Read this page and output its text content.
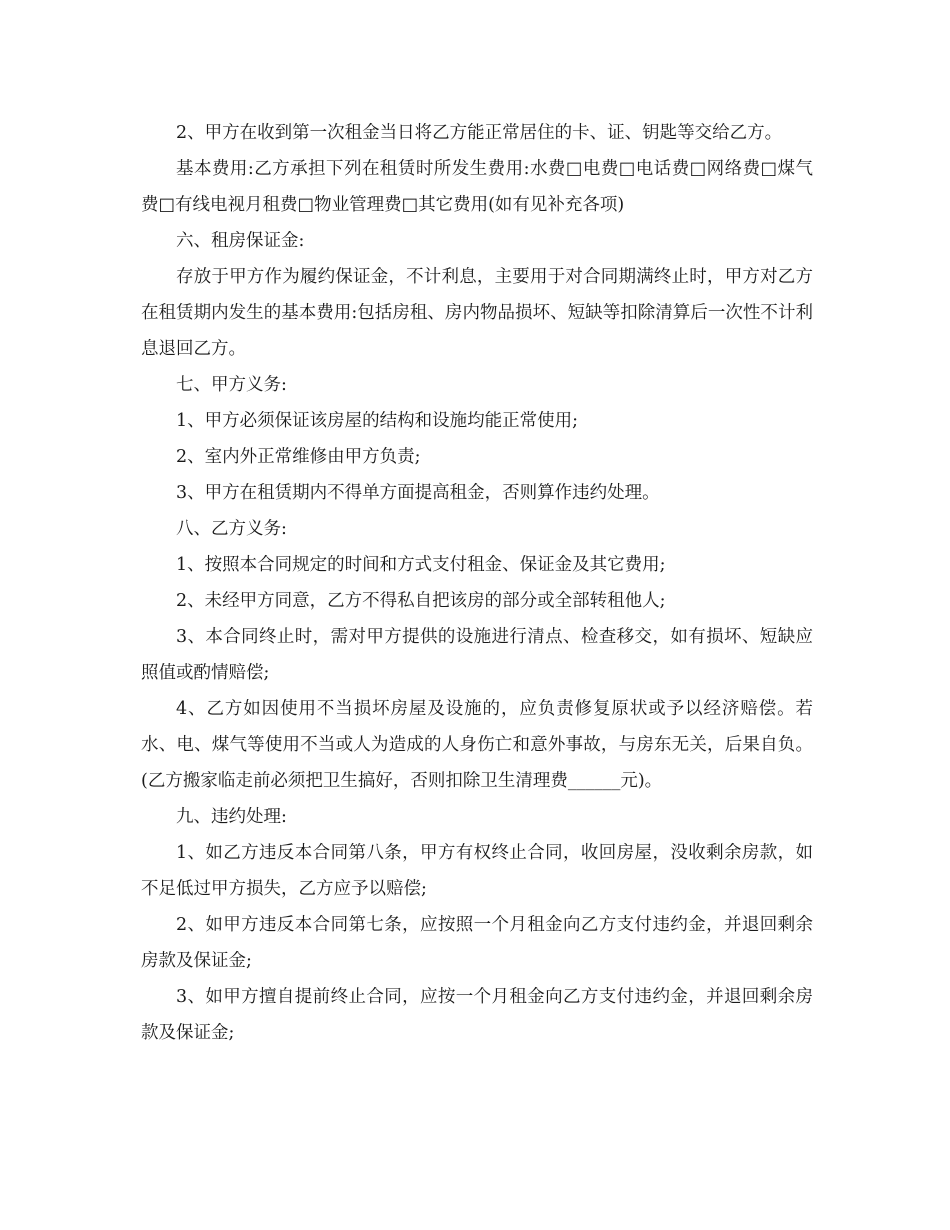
2、甲方在收到第一次租金当日将乙方能正常居住的卡、证、钥匙等交给乙方。

基本费用:乙方承担下列在租赁时所发生费用:水费□电费□电话费□网络费□煤气费□有线电视月租费□物业管理费□其它费用(如有见补充各项)

六、租房保证金:

存放于甲方作为履约保证金，不计利息，主要用于对合同期满终止时，甲方对乙方在租赁期内发生的基本费用:包括房租、房内物品损坏、短缺等扣除清算后一次性不计利息退回乙方。

七、甲方义务:

1、甲方必须保证该房屋的结构和设施均能正常使用;

2、室内外正常维修由甲方负责;

3、甲方在租赁期内不得单方面提高租金，否则算作违约处理。

八、乙方义务:

1、按照本合同规定的时间和方式支付租金、保证金及其它费用;

2、未经甲方同意，乙方不得私自把该房的部分或全部转租他人;

3、本合同终止时，需对甲方提供的设施进行清点、检查移交，如有损坏、短缺应照值或酌情赔偿;

4、乙方如因使用不当损坏房屋及设施的，应负责修复原状或予以经济赔偿。若水、电、煤气等使用不当或人为造成的人身伤亡和意外事故，与房东无关，后果自负。(乙方搬家临走前必须把卫生搞好，否则扣除卫生清理费______元)。

九、违约处理:

1、如乙方违反本合同第八条，甲方有权终止合同，收回房屋，没收剩余房款，如不足低过甲方损失，乙方应予以赔偿;

2、如甲方违反本合同第七条，应按照一个月租金向乙方支付违约金，并退回剩余房款及保证金;

3、如甲方擅自提前终止合同，应按一个月租金向乙方支付违约金，并退回剩余房款及保证金;
